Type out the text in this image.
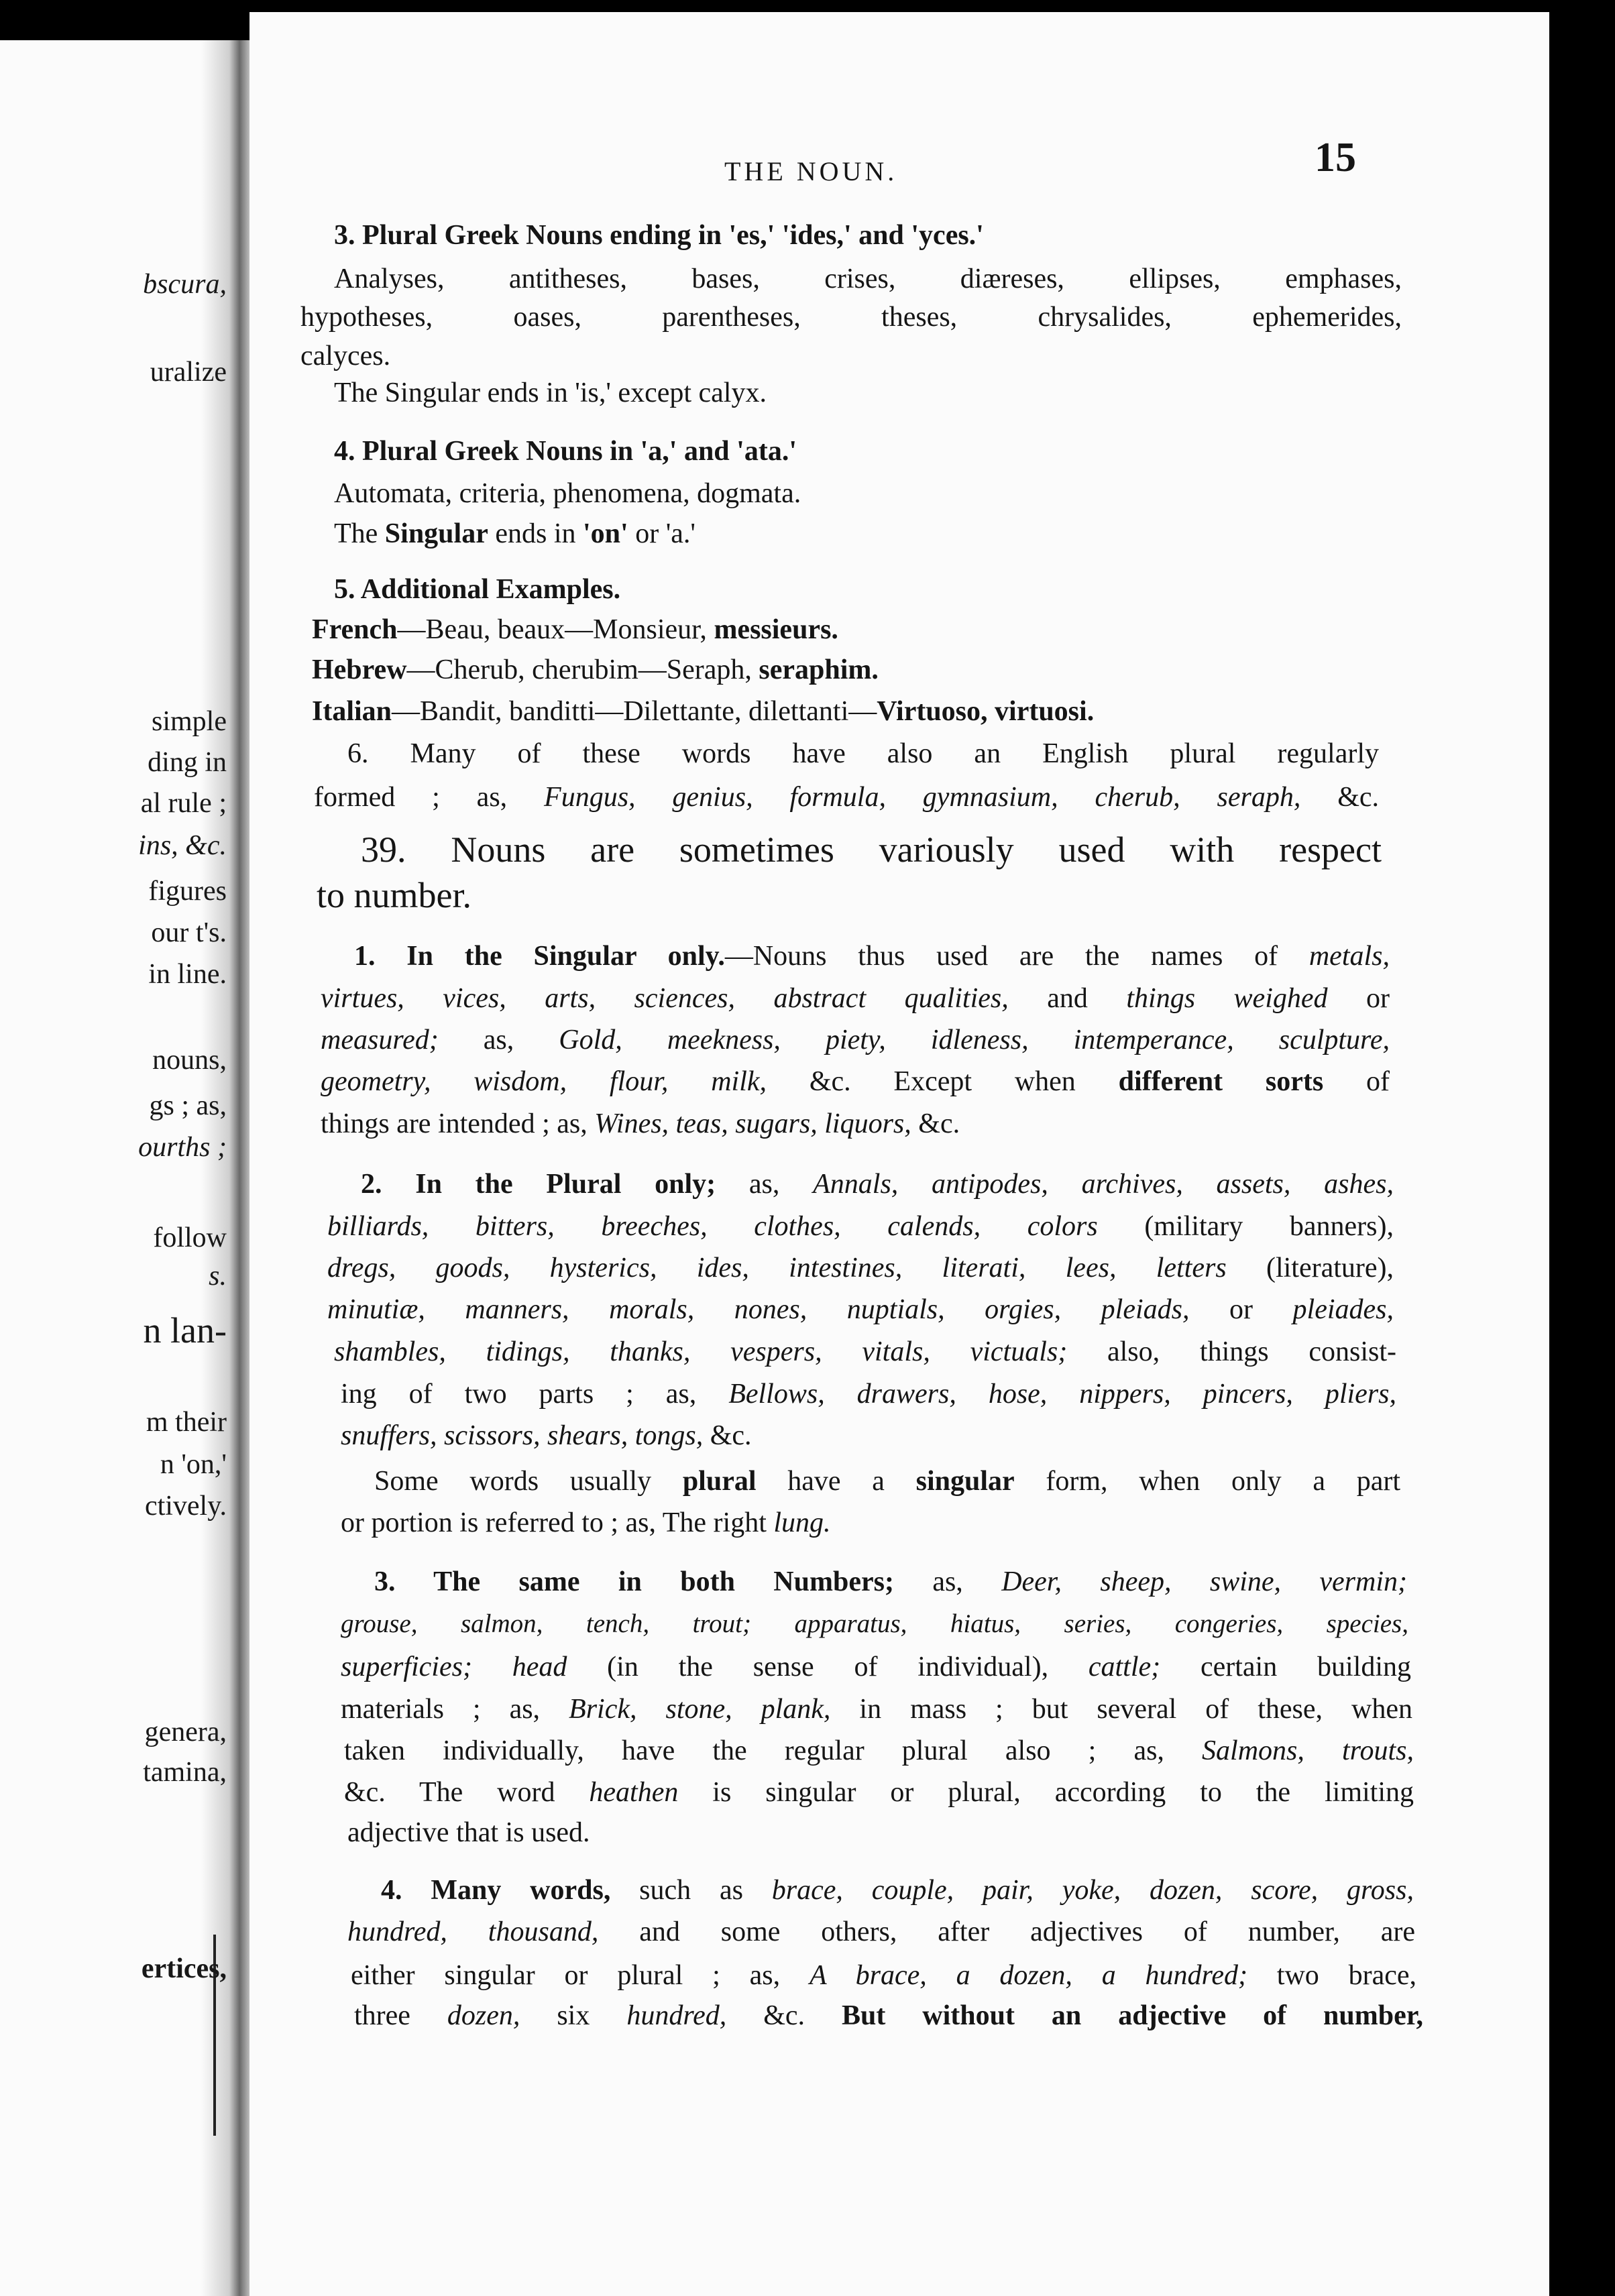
bscura,
uralize
simple
ding in
al rule ;
ins, &c.
figures
our t's.
in line.
nouns,
gs ; as,
ourths ;
follow
s.
n lan-
m their
n 'on,'
ctively.
genera,
tamina,
ertices,
THE NOUN.	15
3. Plural Greek Nouns ending in 'es,' 'ides,' and 'yces.'
Analyses, antitheses, bases, crises, diæreses, ellipses, emphases,
hypotheses, oases, parentheses, theses, chrysalides, ephemerides,
calyces.
The Singular ends in 'is,' except calyx.
4. Plural Greek Nouns in 'a,' and 'ata.'
Automata, criteria, phenomena, dogmata.
The Singular ends in 'on' or 'a.'
5. Additional Examples.
French—Beau, beaux—Monsieur, messieurs.
Hebrew—Cherub, cherubim—Seraph, seraphim.
Italian—Bandit, banditti—Dilettante, dilettanti—Virtuoso, virtuosi.
6. Many of these words have also an English plural regularly
formed ; as, Fungus, genius, formula, gymnasium, cherub, seraph, &c.
39. Nouns are sometimes variously used with respect
to number.
1. In the Singular only.—Nouns thus used are the names of metals,
virtues, vices, arts, sciences, abstract qualities, and things weighed or
measured; as, Gold, meekness, piety, idleness, intemperance, sculpture,
geometry, wisdom, flour, milk, &c. Except when different sorts of
things are intended ; as, Wines, teas, sugars, liquors, &c.
2. In the Plural only; as, Annals, antipodes, archives, assets, ashes,
billiards, bitters, breeches, clothes, calends, colors (military banners),
dregs, goods, hysterics, ides, intestines, literati, lees, letters (literature),
minutiæ, manners, morals, nones, nuptials, orgies, pleiads, or pleiades,
shambles, tidings, thanks, vespers, vitals, victuals; also, things consist-
ing of two parts ; as, Bellows, drawers, hose, nippers, pincers, pliers,
snuffers, scissors, shears, tongs, &c.
Some words usually plural have a singular form, when only a part
or portion is referred to ; as, The right lung.
3. The same in both Numbers; as, Deer, sheep, swine, vermin;
grouse, salmon, tench, trout; apparatus, hiatus, series, congeries, species,
superficies; head (in the sense of individual), cattle; certain building
materials ; as, Brick, stone, plank, in mass ; but several of these, when
taken individually, have the regular plural also ; as, Salmons, trouts,
&c. The word heathen is singular or plural, according to the limiting
adjective that is used.
4. Many words, such as brace, couple, pair, yoke, dozen, score, gross,
hundred, thousand, and some others, after adjectives of number, are
either singular or plural ; as, A brace, a dozen, a hundred; two brace,
three dozen, six hundred, &c. But without an adjective of number,
